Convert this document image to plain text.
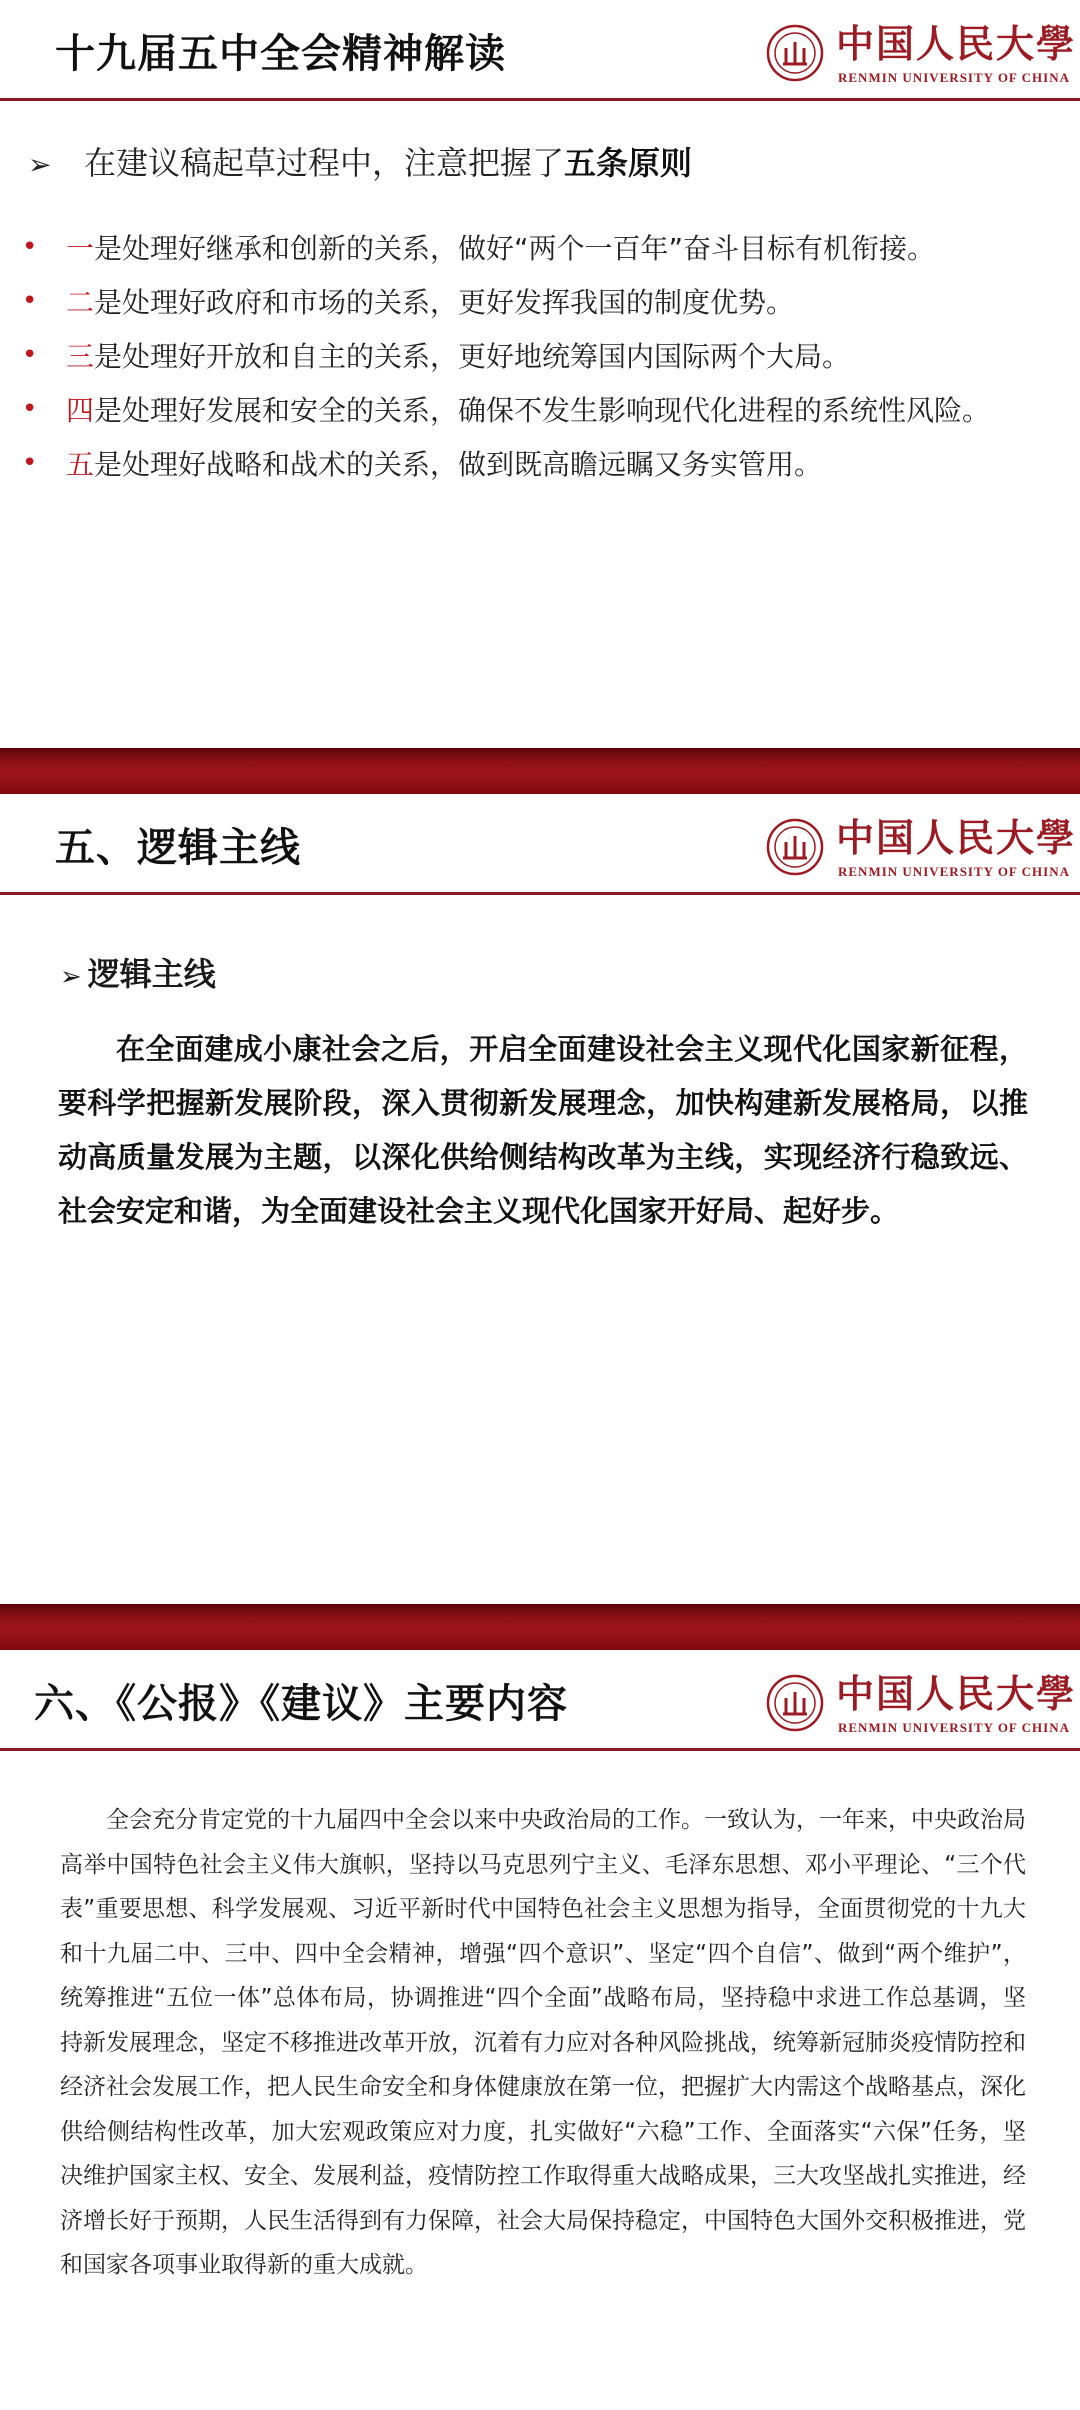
十九届五中全会精神解读	中国人民大學
RENMIN UNIVERSITY OF CHINA
➢ 在建议稿起草过程中，注意把握了五条原则
•	一 是处理好继承和创新的关系，做好“两个一百年”奋斗目标有机衔接。
•	二 是处理好政府和市场的关系，更好发挥我国的制度优势。
•	三 是处理好开放和自主的关系，更好地统筹国内国际两个大局。
•	四 是处理好发展和安全的关系，确保不发生影响现代化进程的系统性风险。
•	五 是处理好战略和战术的关系，做到既高瞻远瞩又务实管用。
五、逻辑主线	中国人民大學
RENMIN UNIVERSITY OF CHINA
➢ 逻辑主线
在全面建成小康社会之后，开启全面建设社会主义现代化国家新征程，要科学把握新发展阶段，深入贯彻新发展理念，加快构建新发展格局，以推动高质量发展为主题，以深化供给侧结构改革为主线，实现经济行稳致远、社会安定和谐，为全面建设社会主义现代化国家开好局、起好步。
六、《公报》《建议》主要内容	中国人民大學
RENMIN UNIVERSITY OF CHINA
全会充分肯定党的十九届四中全会以来中央政治局的工作。一致认为，一年来，中央政治局高举中国特色社会主义伟大旗帜，坚持以马克思列宁主义、毛泽东思想、邓小平理论、“三个代表”重要思想、科学发展观、习近平新时代中国特色社会主义思想为指导，全面贯彻党的十九大和十九届二中、三中、四中全会精神，增强“四个意识”、坚定“四个自信”、做到“两个维护”，统筹推进“五位一体”总体布局，协调推进“四个全面”战略布局，坚持稳中求进工作总基调，坚持新发展理念，坚定不移推进改革开放，沉着有力应对各种风险挑战，统筹新冠肺炎疫情防控和经济社会发展工作，把人民生命安全和身体健康放在第一位，把握扩大内需这个战略基点，深化供给侧结构性改革，加大宏观政策应对力度，扎实做好“六稳”工作、全面落实“六保”任务，坚决维护国家主权、安全、发展利益，疫情防控工作取得重大战略成果，三大攻坚战扎实推进，经济增长好于预期，人民生活得到有力保障，社会大局保持稳定，中国特色大国外交积极推进，党和国家各项事业取得新的重大成就。
